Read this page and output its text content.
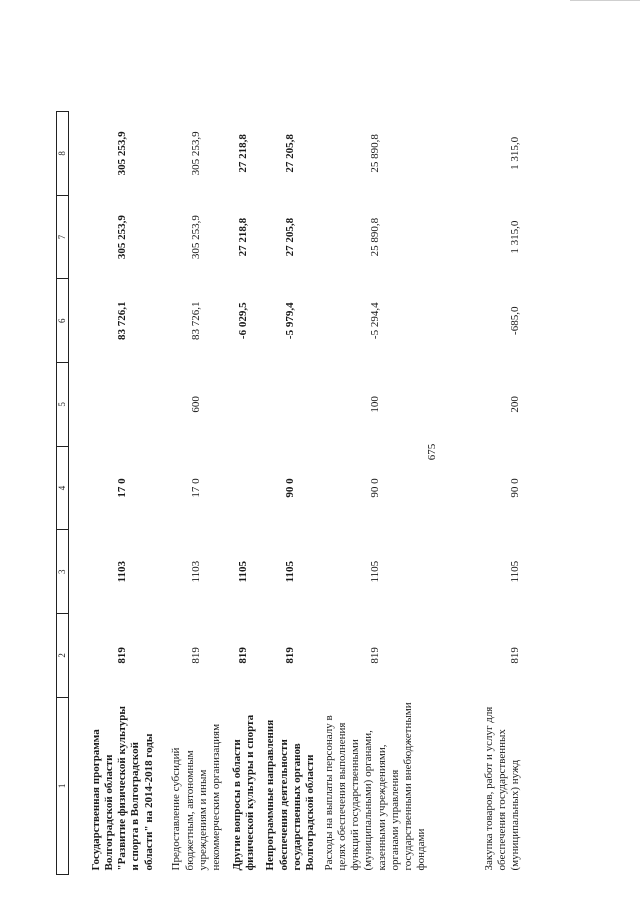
675
1	2	3	4	5	6	7	8

Государственная программа Волгоградской области "Развитие физической культуры и спорта в Волгоградской области" на 2014-2018 годы	819	1103	17 0		83 726,1	305 253,9	305 253,9
Предоставление субсидий бюджетным, автономным учреждениям и иным некоммерческим организациям	819	1103	17 0	600	83 726,1	305 253,9	305 253,9
Другие вопросы в области физической культуры и спорта	819	1105			-6 029,5	27 218,8	27 218,8
Непрограммные направления обеспечения деятельности государственных органов Волгоградской области	819	1105	90 0		-5 979,4	27 205,8	27 205,8
Расходы на выплаты персоналу в целях обеспечения выполнения функций государственными (муниципальными) органами, казенными учреждениями, органами управления государственными внебюджетными фондами	819	1105	90 0	100	-5 294,4	25 890,8	25 890,8
Закупка товаров, работ и услуг для обеспечения государственных (муниципальных) нужд	819	1105	90 0	200	-685,0	1 315,0	1 315,0
